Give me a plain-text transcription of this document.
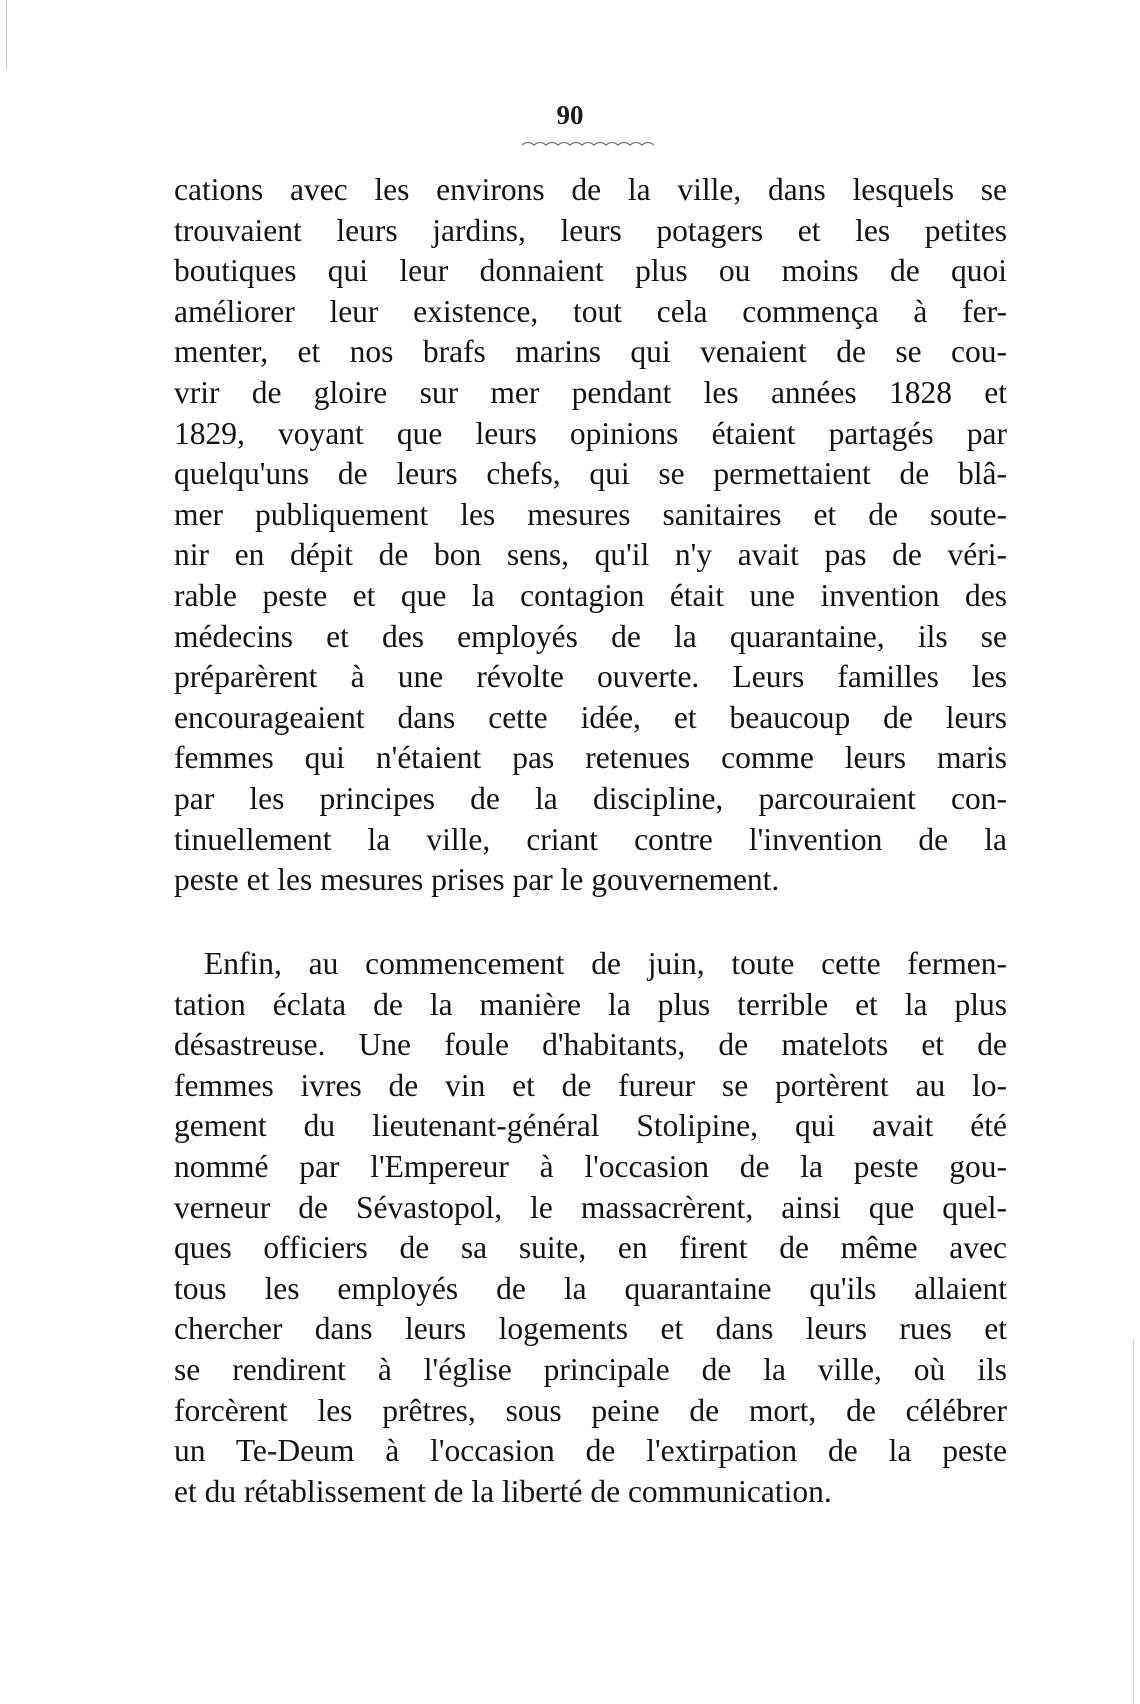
90
cations avec les environs de la ville, dans lesquels se
trouvaient leurs jardins, leurs potagers et les petites
boutiques qui leur donnaient plus ou moins de quoi
améliorer leur existence, tout cela commença à fer-
menter, et nos brafs marins qui venaient de se cou-
vrir de gloire sur mer pendant les années 1828 et
1829, voyant que leurs opinions étaient partagés par
quelqu'uns de leurs chefs, qui se permettaient de blâ-
mer publiquement les mesures sanitaires et de soute-
nir en dépit de bon sens, qu'il n'y avait pas de véri-
rable peste et que la contagion était une invention des
médecins et des employés de la quarantaine, ils se
préparèrent à une révolte ouverte. Leurs familles les
encourageaient dans cette idée, et beaucoup de leurs
femmes qui n'étaient pas retenues comme leurs maris
par les principes de la discipline, parcouraient con-
tinuellement la ville, criant contre l'invention de la
peste et les mesures prises par le gouvernement.
Enfin, au commencement de juin, toute cette fermen-
tation éclata de la manière la plus terrible et la plus
désastreuse. Une foule d'habitants, de matelots et de
femmes ivres de vin et de fureur se portèrent au lo-
gement du lieutenant-général Stolipine, qui avait été
nommé par l'Empereur à l'occasion de la peste gou-
verneur de Sévastopol, le massacrèrent, ainsi que quel-
ques officiers de sa suite, en firent de même avec
tous les employés de la quarantaine qu'ils allaient
chercher dans leurs logements et dans leurs rues et
se rendirent à l'église principale de la ville, où ils
forcèrent les prêtres, sous peine de mort, de célébrer
un Te-Deum à l'occasion de l'extirpation de la peste
et du rétablissement de la liberté de communication.
